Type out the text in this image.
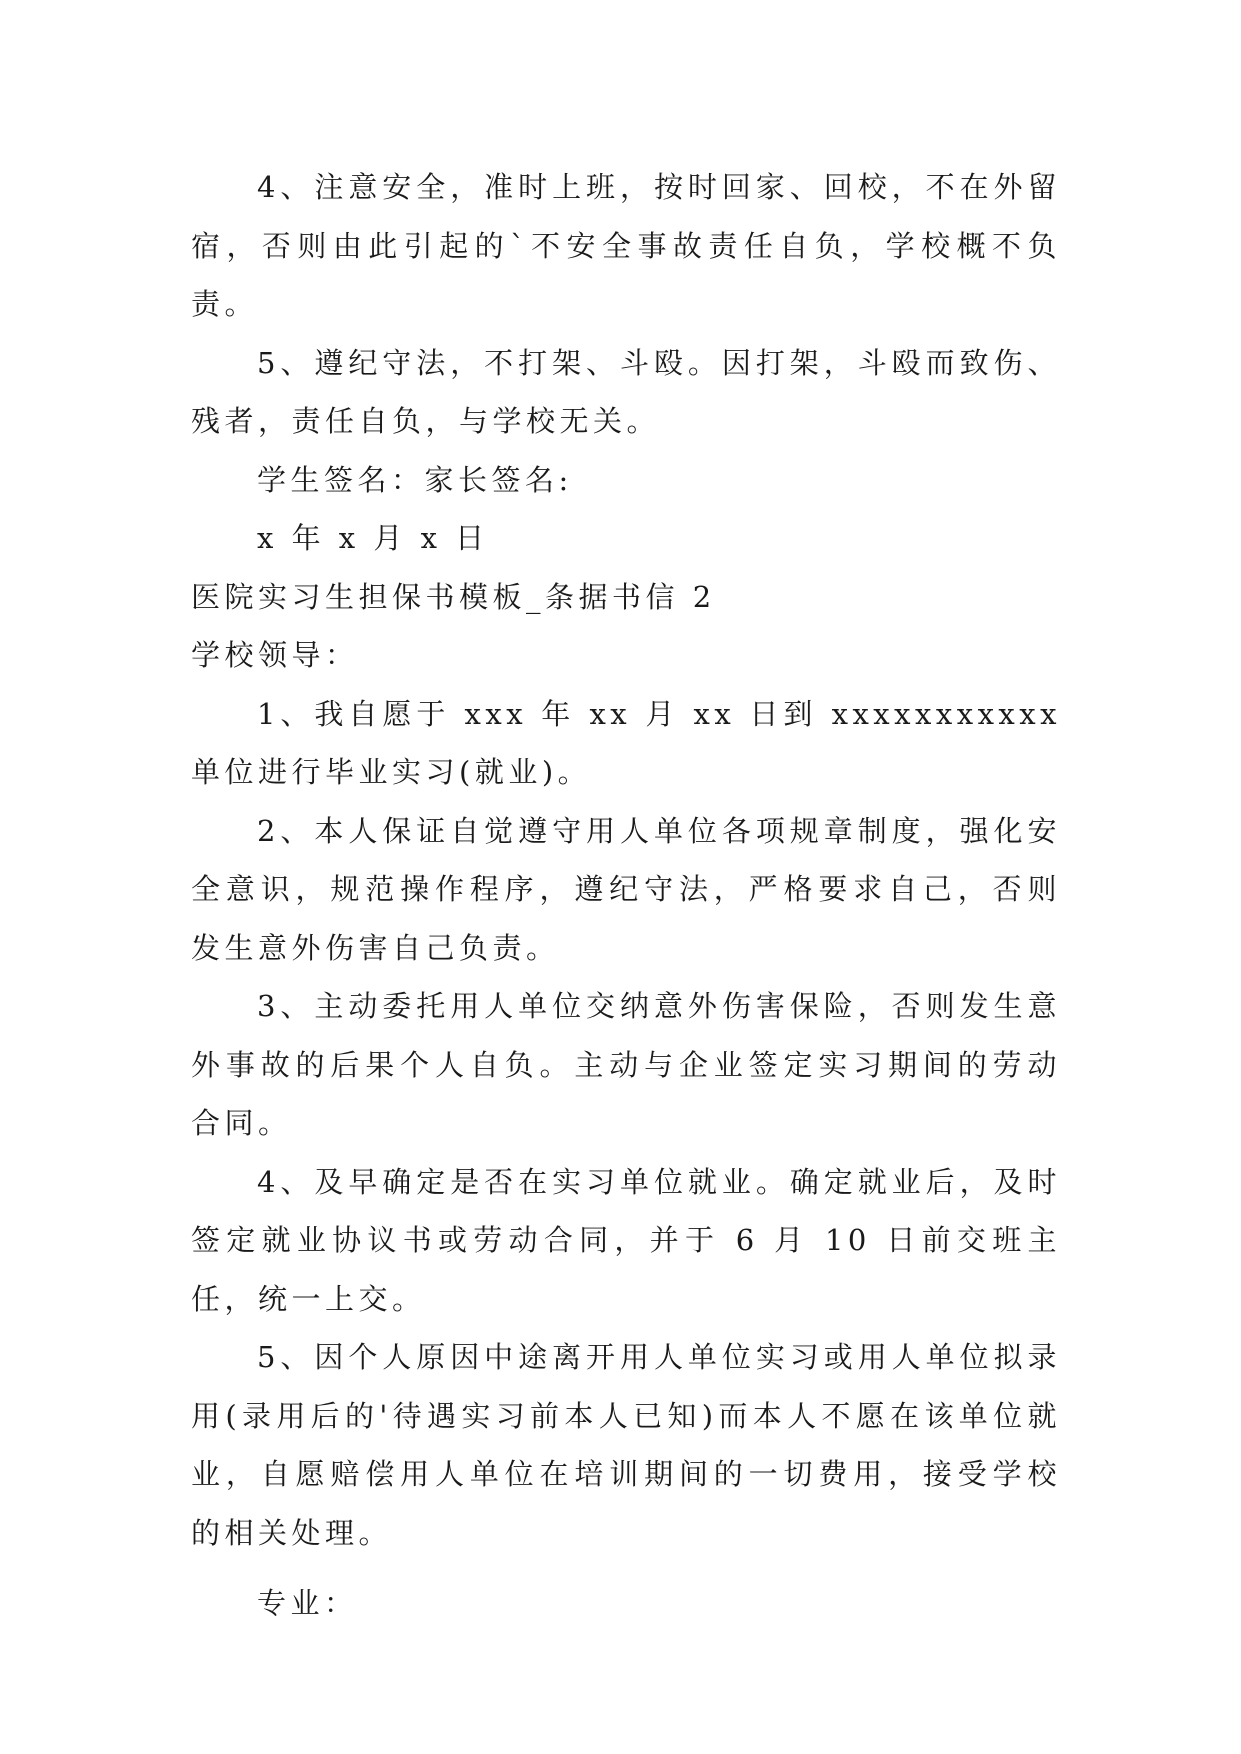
4、注意安全，准时上班，按时回家、回校，不在外留宿，否则由此引起的`不安全事故责任自负，学校概不负责。

5、遵纪守法，不打架、斗殴。因打架，斗殴而致伤、残者，责任自负，与学校无关。

学生签名：家长签名:

x 年 x 月 x 日

医院实习生担保书模板_条据书信 2

学校领导：

1、我自愿于 xxx 年 xx 月 xx 日到 xxxxxxxxxxx 单位进行毕业实习(就业)。

2、本人保证自觉遵守用人单位各项规章制度，强化安全意识，规范操作程序，遵纪守法，严格要求自己，否则发生意外伤害自己负责。

3、主动委托用人单位交纳意外伤害保险，否则发生意外事故的后果个人自负。主动与企业签定实习期间的劳动合同。

4、及早确定是否在实习单位就业。确定就业后，及时签定就业协议书或劳动合同，并于 6 月 10 日前交班主任，统一上交。

5、因个人原因中途离开用人单位实习或用人单位拟录用(录用后的'待遇实习前本人已知)而本人不愿在该单位就业，自愿赔偿用人单位在培训期间的一切费用，接受学校的相关处理。

专业：
